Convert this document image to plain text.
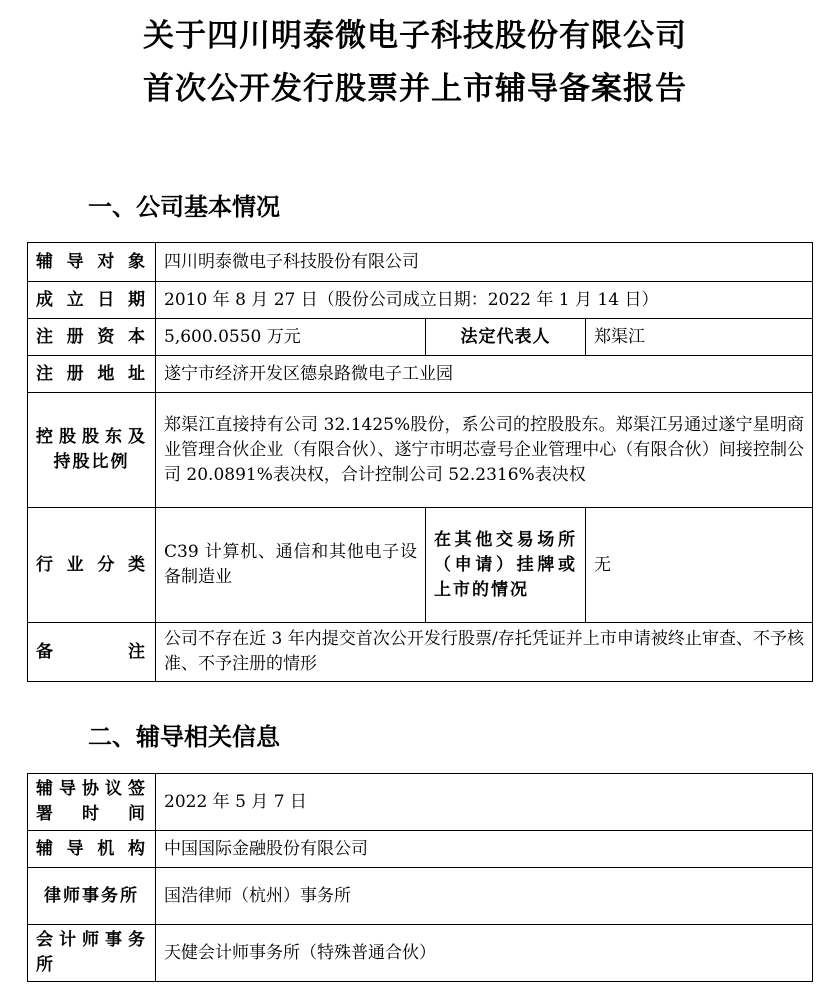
关于四川明泰微电子科技股份有限公司
首次公开发行股票并上市辅导备案报告
一、公司基本情况
辅导对象	四川明泰微电子科技股份有限公司		
成立日期	2010 年 8 月 27 日（股份公司成立日期：2022 年 1 月 14 日）		
注册资本	5,600.0550 万元	法定代表人	郑渠江
注册地址	遂宁市经济开发区德泉路微电子工业园		
控股股东及持股比例	郑渠江直接持有公司 32.1425%股份，系公司的控股股东。郑渠江另通过遂宁星明商业管理合伙企业（有限合伙）、遂宁市明芯壹号企业管理中心（有限合伙）间接控制公司 20.0891%表决权，合计控制公司 52.2316%表决权		
行业分类	C39 计算机、通信和其他电子设备制造业	在其他交易场所（申请）挂牌或上市的情况	无
备注	公司不存在近 3 年内提交首次公开发行股票/存托凭证并上市申请被终止审查、不予核准、不予注册的情形		
二、辅导相关信息
辅导协议签署时间	2022 年 5 月 7 日
辅导机构	中国国际金融股份有限公司
律师事务所	国浩律师（杭州）事务所
会计师事务所	天健会计师事务所（特殊普通合伙）
